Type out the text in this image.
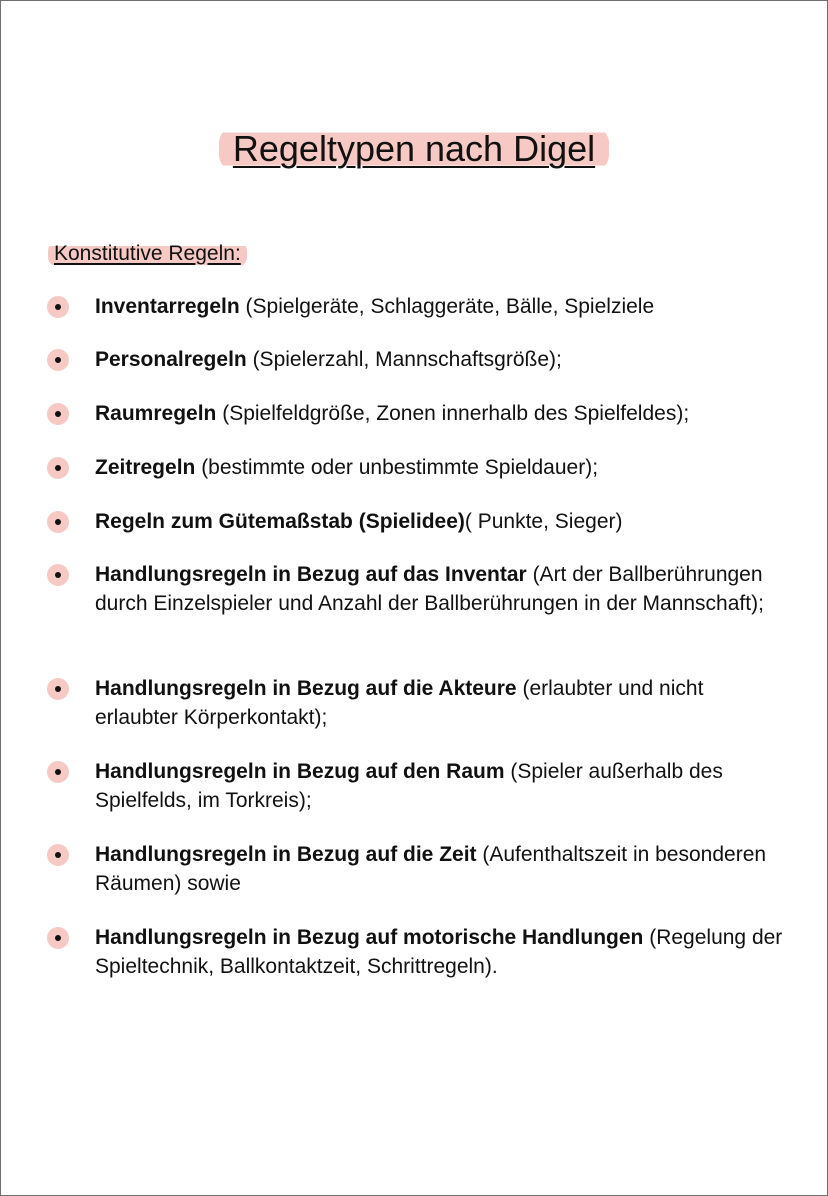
Regeltypen nach Digel
Konstitutive Regeln:
Inventarregeln (Spielgeräte, Schlaggeräte, Bälle, Spielziele
Personalregeln (Spielerzahl, Mannschaftsgröße);
Raumregeln (Spielfeldgröße, Zonen innerhalb des Spielfeldes);
Zeitregeln (bestimmte oder unbestimmte Spieldauer);
Regeln zum Gütemaßstab (Spielidee)( Punkte, Sieger)
Handlungsregeln in Bezug auf das Inventar (Art der Ballberührungen durch Einzelspieler und Anzahl der Ballberührungen in der Mannschaft);
Handlungsregeln in Bezug auf die Akteure (erlaubter und nicht erlaubter Körperkontakt);
Handlungsregeln in Bezug auf den Raum (Spieler außerhalb des Spielfelds, im Torkreis);
Handlungsregeln in Bezug auf die Zeit (Aufenthaltszeit in besonderen Räumen) sowie
Handlungsregeln in Bezug auf motorische Handlungen (Regelung der Spieltechnik, Ballkontaktzeit, Schrittregeln).
